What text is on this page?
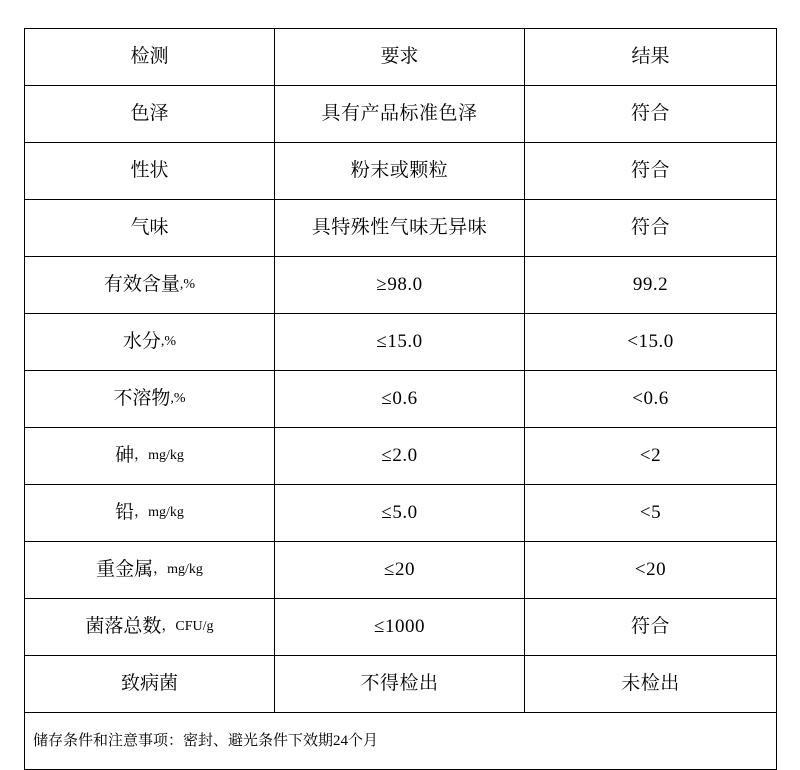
检测	要求	结果

色泽	具有产品标准色泽	符合

性状	粉末或颗粒	符合

气味	具特殊性气味无异味	符合

有效含量 ,%	≥98.0	99.2

水分 ,%	≤15.0	<15.0

不溶物 ,%	≤0.6	<0.6

砷 ，mg/kg	≤2.0	<2

铅 ，mg/kg	≤5.0	<5

重金属 ，mg/kg	≤20	<20

菌落总数 ，CFU/g	≤1000	符合

致病菌	不得检出	未检出

储存条件和注意事项：密封、避光条件下效期24个月		
